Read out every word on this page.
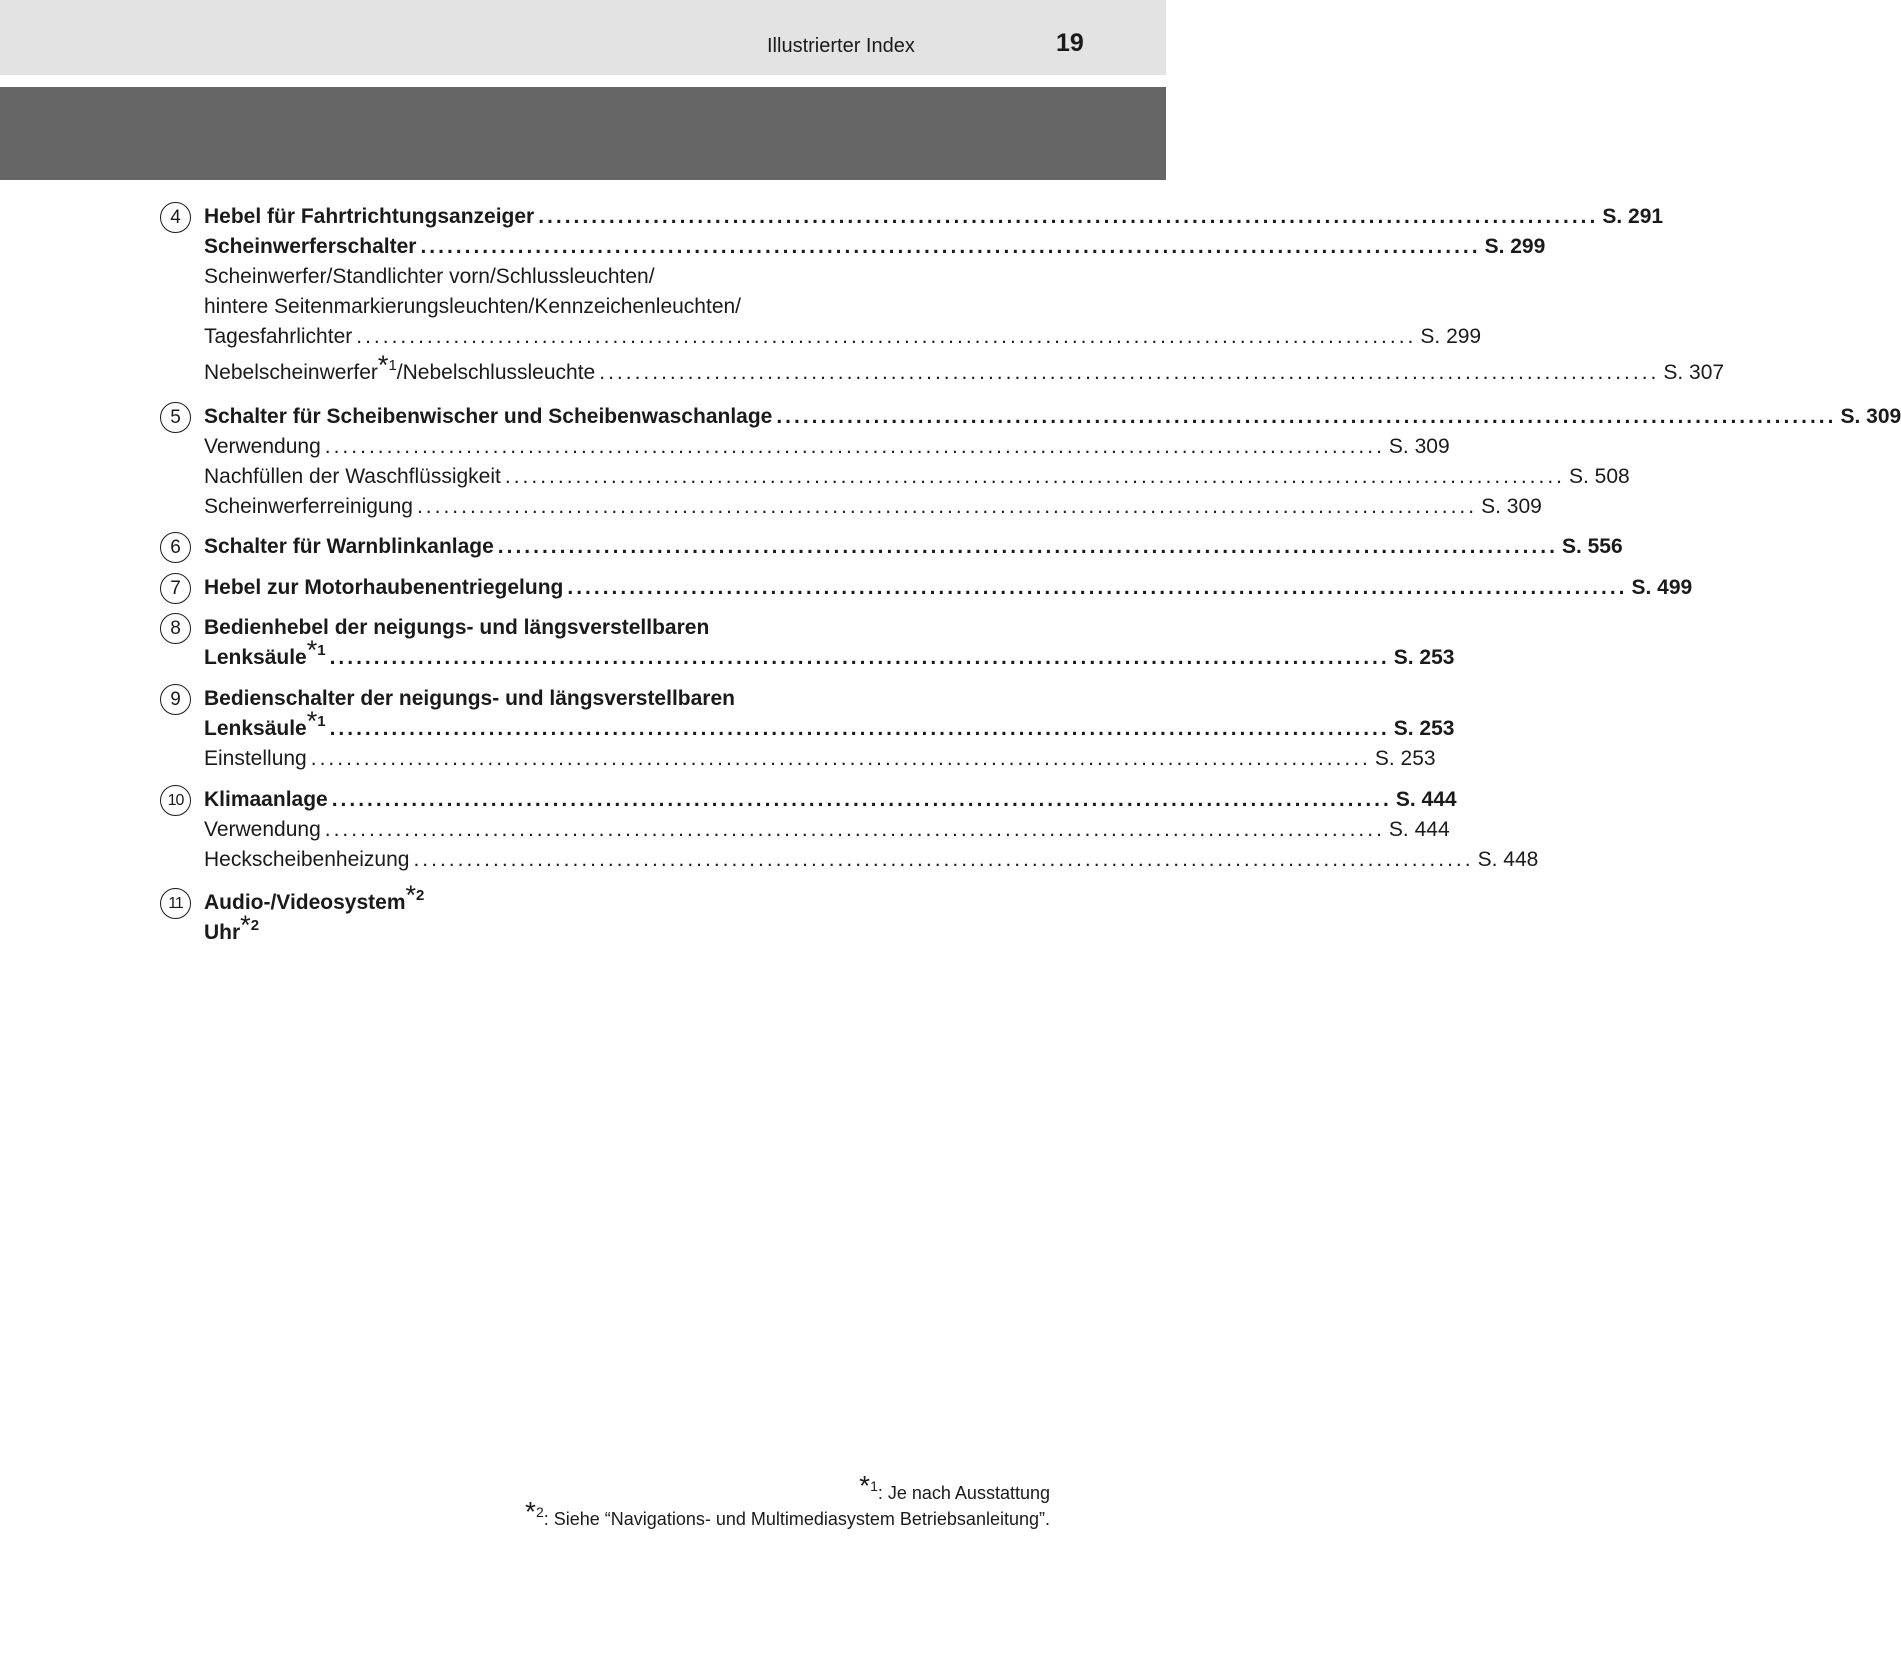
Illustrierter Index	19
4	Hebel für Fahrtrichtungsanzeiger ........................................................................................................................ S. 291
Scheinwerferschalter ........................................................................................................................ S. 299
Scheinwerfer/Standlichter vorn/Schlussleuchten/
hintere Seitenmarkierungsleuchten/Kennzeichenleuchten/
Tagesfahrlichter ........................................................................................................................ S. 299
Nebelscheinwerfer*$^1$/Nebelschlussleuchte ........................................................................................................................ S. 307
5	Schalter für Scheibenwischer und Scheibenwaschanlage ........................................................................................................................ S. 309
Verwendung ........................................................................................................................ S. 309
Nachfüllen der Waschflüssigkeit ........................................................................................................................ S. 508
Scheinwerferreinigung ........................................................................................................................ S. 309
6	Schalter für Warnblinkanlage ........................................................................................................................ S. 556
7	Hebel zur Motorhaubenentriegelung ........................................................................................................................ S. 499
8	Bedienhebel der neigungs- und längsverstellbaren
Lenksäule*$^1$ ........................................................................................................................ S. 253
9	Bedienschalter der neigungs- und längsverstellbaren
Lenksäule*$^1$ ........................................................................................................................ S. 253
Einstellung ........................................................................................................................ S. 253
10 Klimaanlage ........................................................................................................................ S. 444
Verwendung ........................................................................................................................ S. 444
Heckscheibenheizung ........................................................................................................................ S. 448
11	Audio-/Videosystem*$^2$
Uhr*$^2$
*$^1$: Je nach Ausstattung
*$^2$: Siehe “Navigations- und Multimediasystem Betriebsanleitung”.
